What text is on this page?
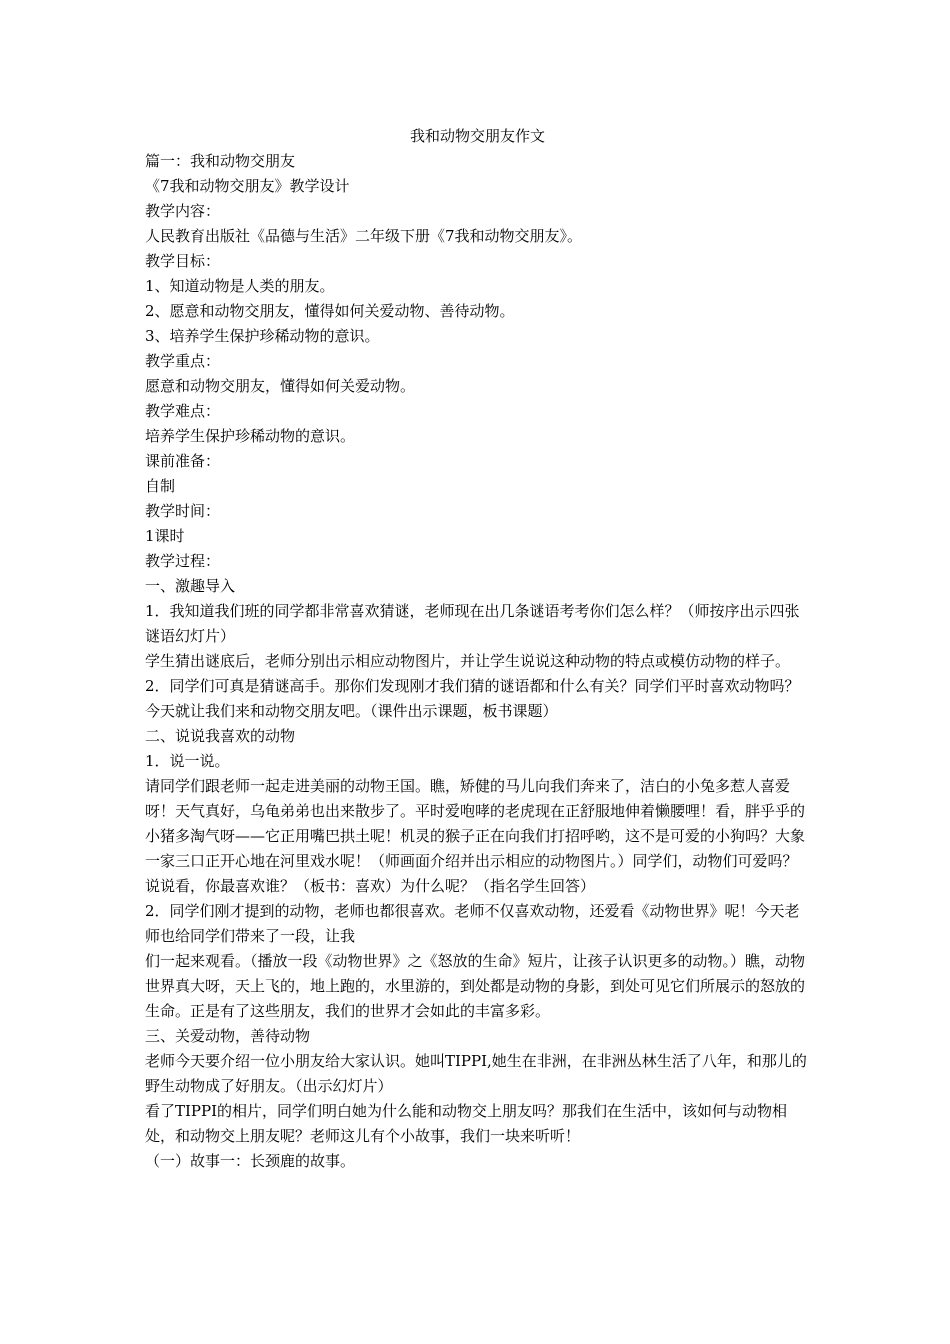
我和动物交朋友作文

篇一：我和动物交朋友

《7我和动物交朋友》教学设计

教学内容：

人民教育出版社《品德与生活》二年级下册《7我和动物交朋友》。

教学目标：

1、知道动物是人类的朋友。

2、愿意和动物交朋友，懂得如何关爱动物、善待动物。

3、培养学生保护珍稀动物的意识。

教学重点：

愿意和动物交朋友，懂得如何关爱动物。

教学难点：

培养学生保护珍稀动物的意识。

课前准备：

自制

教学时间：

1课时

教学过程：

一、激趣导入

1．我知道我们班的同学都非常喜欢猜谜，老师现在出几条谜语考考你们怎么样？（师按序出示四张谜语幻灯片）

学生猜出谜底后，老师分别出示相应动物图片，并让学生说说这种动物的特点或模仿动物的样子。

2．同学们可真是猜谜高手。那你们发现刚才我们猜的谜语都和什么有关？同学们平时喜欢动物吗？今天就让我们来和动物交朋友吧。（课件出示课题，板书课题）

二、说说我喜欢的动物

1．说一说。

请同学们跟老师一起走进美丽的动物王国。瞧，矫健的马儿向我们奔来了，洁白的小兔多惹人喜爱呀！天气真好，乌龟弟弟也出来散步了。平时爱咆哮的老虎现在正舒服地伸着懒腰哩！看，胖乎乎的小猪多淘气呀——它正用嘴巴拱土呢！机灵的猴子正在向我们打招呼哟，这不是可爱的小狗吗？大象一家三口正开心地在河里戏水呢！（师画面介绍并出示相应的动物图片。）同学们，动物们可爱吗？说说看，你最喜欢谁？（板书：喜欢）为什么呢？（指名学生回答）

2．同学们刚才提到的动物，老师也都很喜欢。老师不仅喜欢动物，还爱看《动物世界》呢！今天老师也给同学们带来了一段，让我

们一起来观看。（播放一段《动物世界》之《怒放的生命》短片，让孩子认识更多的动物。）瞧，动物世界真大呀，天上飞的，地上跑的，水里游的，到处都是动物的身影，到处可见它们所展示的怒放的生命。正是有了这些朋友，我们的世界才会如此的丰富多彩。

三、关爱动物，善待动物

老师今天要介绍一位小朋友给大家认识。她叫TIPPI,她生在非洲，在非洲丛林生活了八年，和那儿的野生动物成了好朋友。（出示幻灯片）

看了TIPPI的相片，同学们明白她为什么能和动物交上朋友吗？那我们在生活中，该如何与动物相处，和动物交上朋友呢？老师这儿有个小故事，我们一块来听听！

（一）故事一：长颈鹿的故事。
